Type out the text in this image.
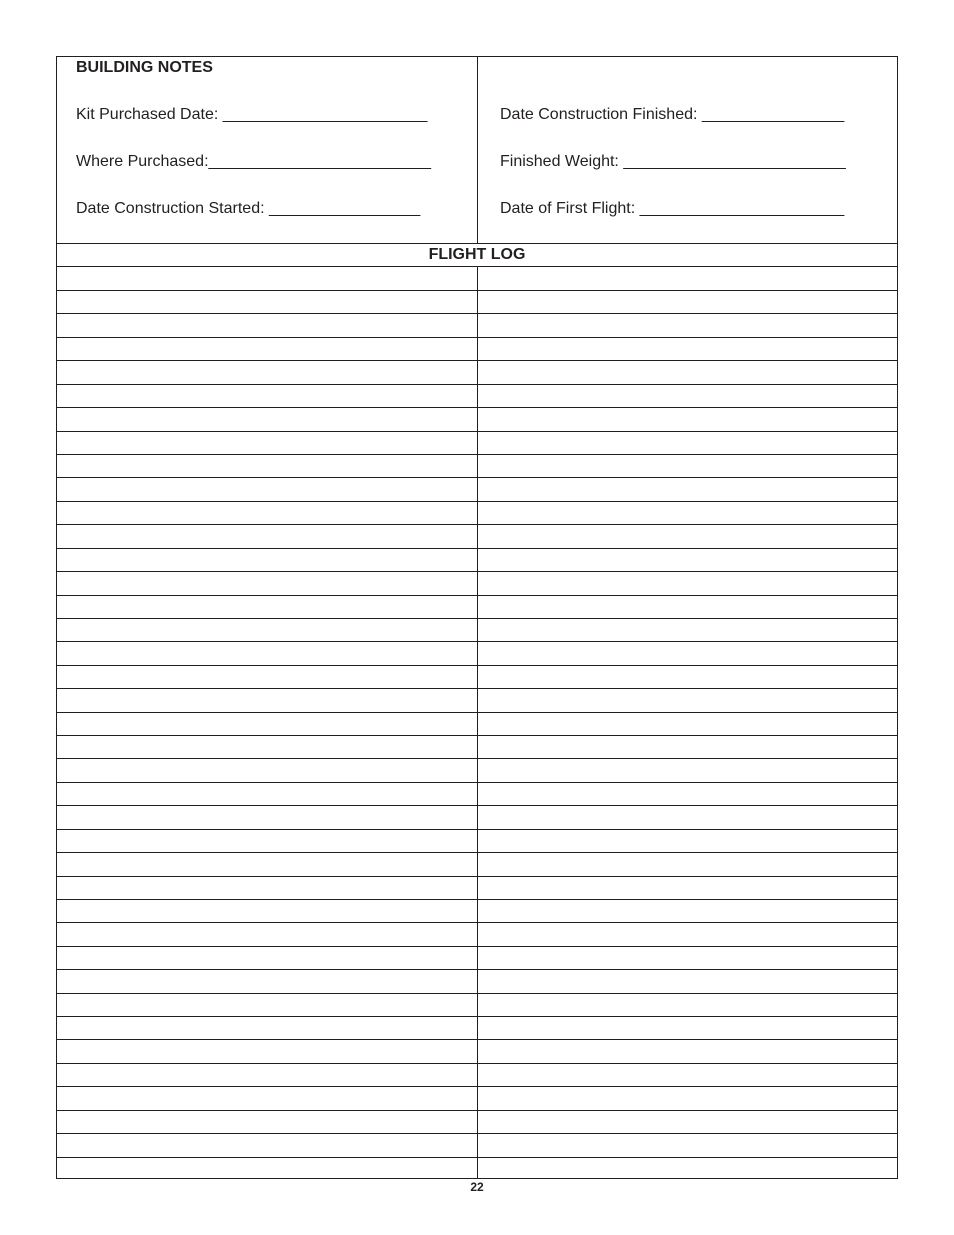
BUILDING NOTES
Kit Purchased Date: _______________________
Where Purchased:_________________________
Date Construction Started: _________________
Date Construction Finished: ________________
Finished Weight: _________________________
Date of First Flight: _______________________
FLIGHT LOG
22
